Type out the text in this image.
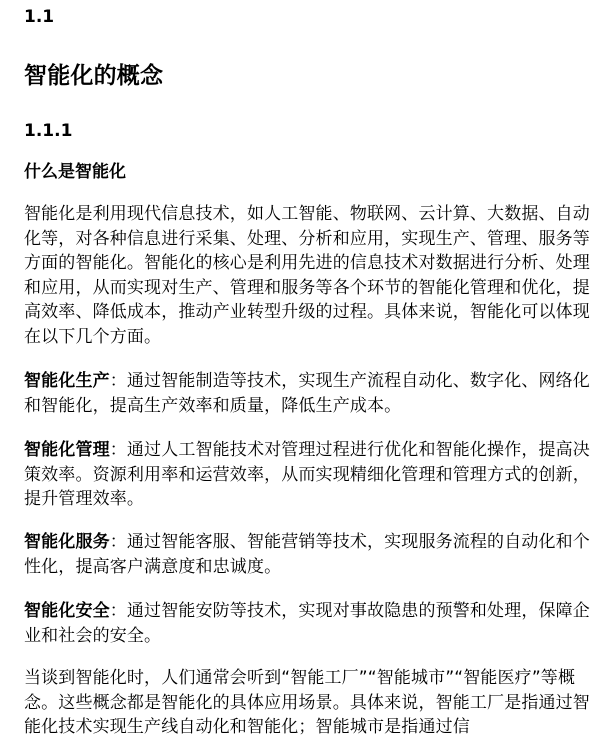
1.1
智能化的概念
1.1.1
什么是智能化

智能化是利用现代信息技术，如人工智能、物联网、云计算、大数据、自动化等，对各种信息进行采集、处理、分析和应用，实现生产、管理、服务等方面的智能化。智能化的核心是利用先进的信息技术对数据进行分析、处理和应用，从而实现对生产、管理和服务等各个环节的智能化管理和优化，提高效率、降低成本，推动产业转型升级的过程。具体来说，智能化可以体现在以下几个方面。

智能化生产：通过智能制造等技术，实现生产流程自动化、数字化、网络化和智能化，提高生产效率和质量，降低生产成本。

智能化管理：通过人工智能技术对管理过程进行优化和智能化操作，提高决策效率。资源利用率和运营效率，从而实现精细化管理和管理方式的创新，提升管理效率。

智能化服务：通过智能客服、智能营销等技术，实现服务流程的自动化和个性化，提高客户满意度和忠诚度。

智能化安全：通过智能安防等技术，实现对事故隐患的预警和处理，保障企业和社会的安全。

当谈到智能化时，人们通常会听到“智能工厂”“智能城市”“智能医疗”等概念。这些概念都是智能化的具体应用场景。具体来说，智能工厂是指通过智能化技术实现生产线自动化和智能化；智能城市是指通过信
